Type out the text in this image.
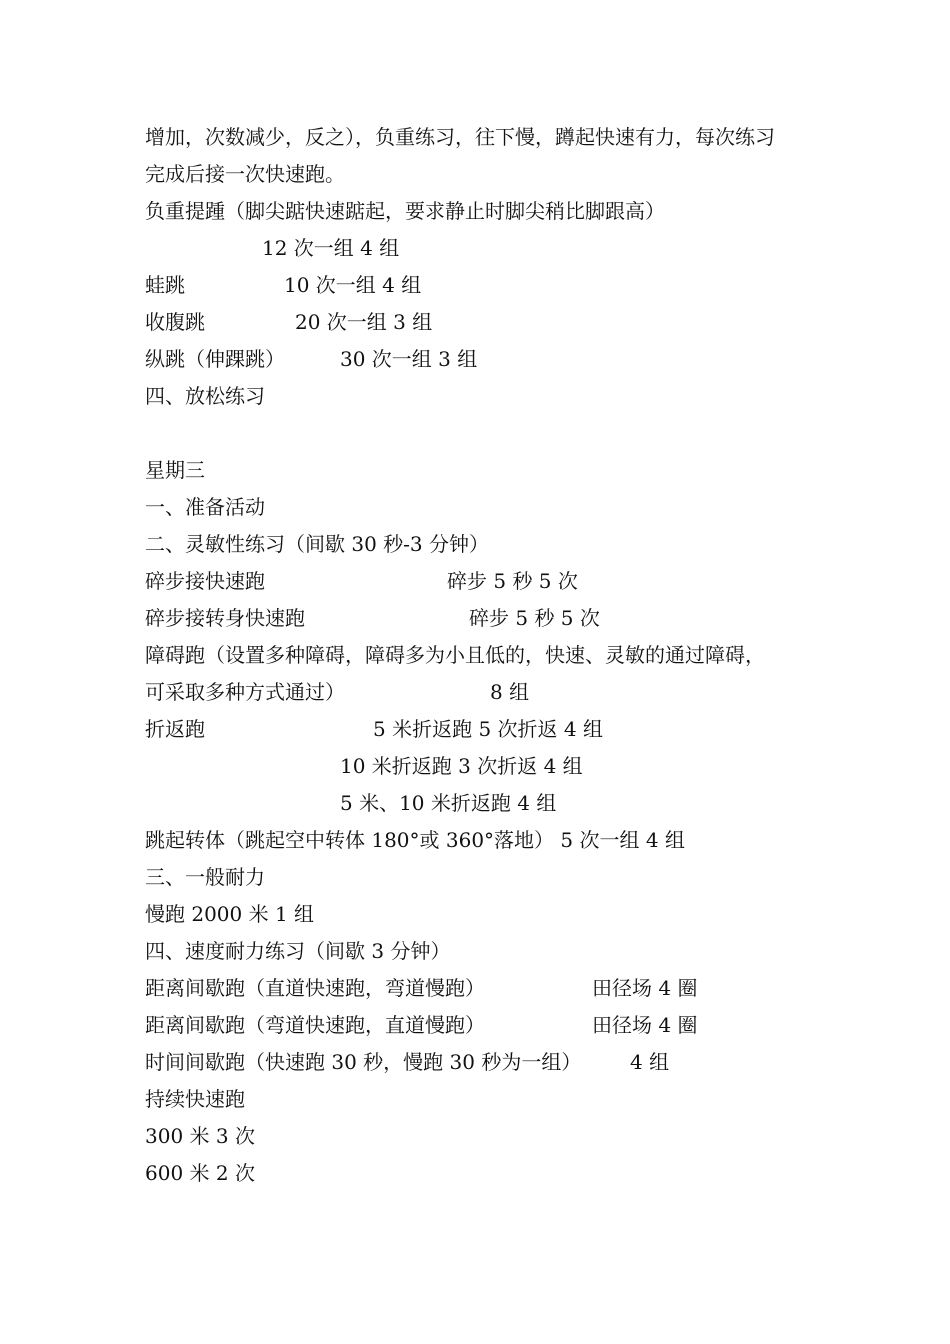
增加，次数减少，反之），负重练习，往下慢，蹲起快速有力，每次练习
完成后接一次快速跑。
负重提踵（脚尖踮快速踮起，要求静止时脚尖稍比脚跟高）
12 次一组 4 组
蛙跳	10 次一组 4 组
收腹跳	20 次一组 3 组
纵跳（伸踝跳）	30 次一组 3 组
四、放松练习
星期三
一、准备活动
二、灵敏性练习（间歇 30 秒-3 分钟）
碎步接快速跑	碎步 5 秒 5 次
碎步接转身快速跑	碎步 5 秒 5 次
障碍跑（设置多种障碍，障碍多为小且低的，快速、灵敏的通过障碍，
可采取多种方式通过）	8 组
折返跑	5 米折返跑 5 次折返 4 组
10 米折返跑 3 次折返 4 组
5 米、10 米折返跑 4 组
跳起转体（跳起空中转体 180°或 360°落地） 5 次一组 4 组
三、一般耐力
慢跑 2000 米 1 组
四、速度耐力练习（间歇 3 分钟）
距离间歇跑（直道快速跑，弯道慢跑）	田径场 4 圈
距离间歇跑（弯道快速跑，直道慢跑）	田径场 4 圈
时间间歇跑（快速跑 30 秒，慢跑 30 秒为一组） 4 组
持续快速跑
300 米 3 次
600 米 2 次
